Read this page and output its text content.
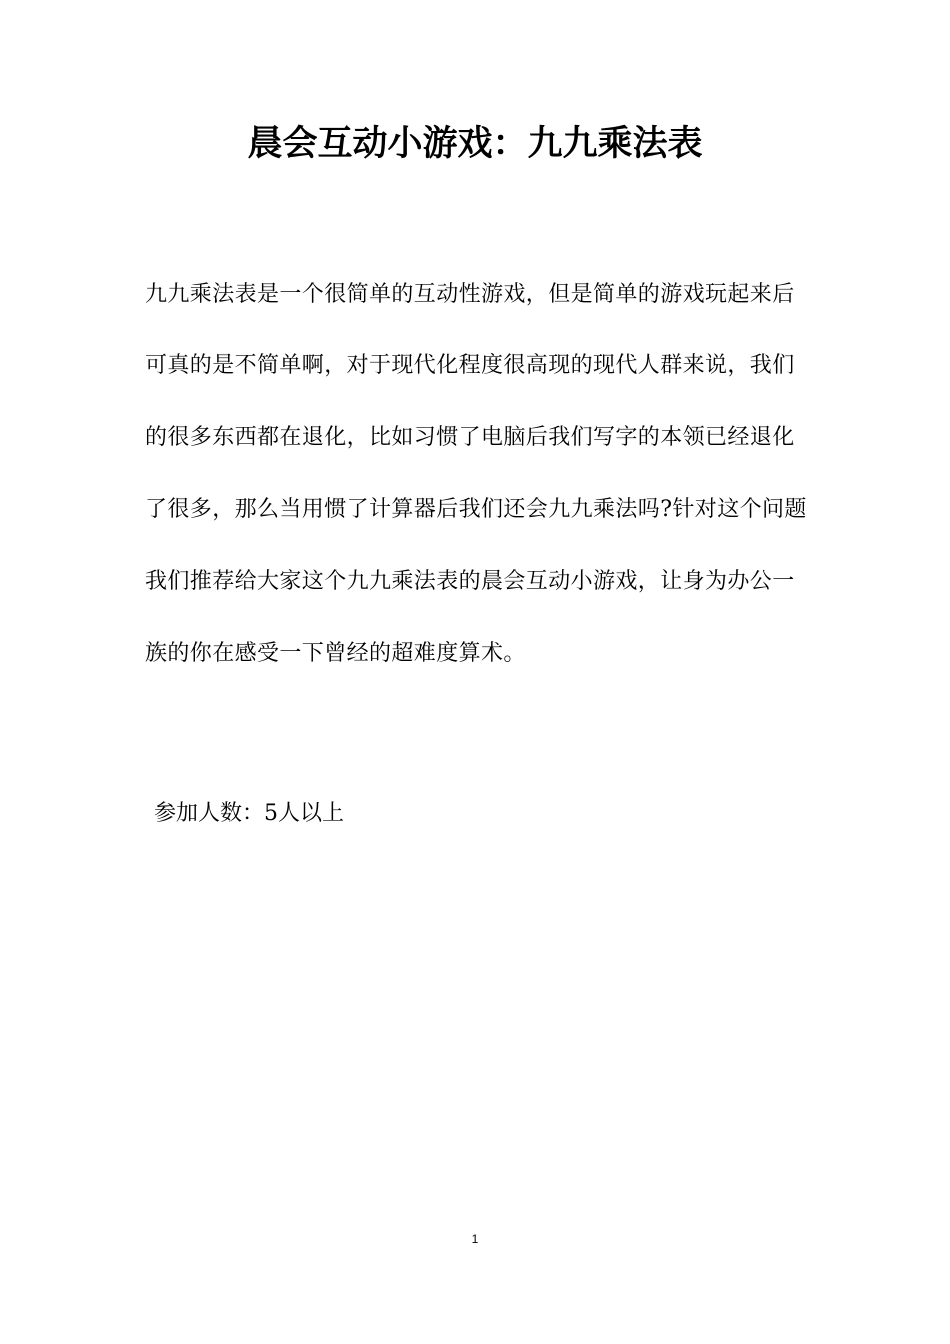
晨会互动小游戏：九九乘法表
九九乘法表是一个很简单的互动性游戏，但是简单的游戏玩起来后
可真的是不简单啊，对于现代化程度很高现的现代人群来说，我们
的很多东西都在退化，比如习惯了电脑后我们写字的本领已经退化
了很多，那么当用惯了计算器后我们还会九九乘法吗?针对这个问题
我们推荐给大家这个九九乘法表的晨会互动小游戏，让身为办公一
族的你在感受一下曾经的超难度算术。
参加人数：5人以上
1
